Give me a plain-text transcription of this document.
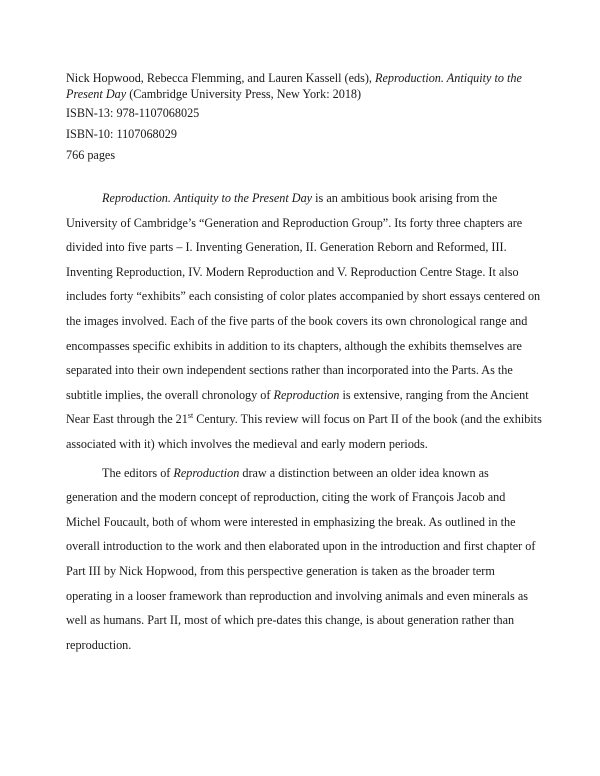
Nick Hopwood, Rebecca Flemming, and Lauren Kassell (eds), Reproduction. Antiquity to the Present Day (Cambridge University Press, New York: 2018)
ISBN-13: 978-1107068025
ISBN-10: 1107068029
766 pages

Reproduction. Antiquity to the Present Day is an ambitious book arising from the University of Cambridge’s “Generation and Reproduction Group”. Its forty three chapters are divided into five parts – I. Inventing Generation, II. Generation Reborn and Reformed, III. Inventing Reproduction, IV. Modern Reproduction and V. Reproduction Centre Stage. It also includes forty “exhibits” each consisting of color plates accompanied by short essays centered on the images involved. Each of the five parts of the book covers its own chronological range and encompasses specific exhibits in addition to its chapters, although the exhibits themselves are separated into their own independent sections rather than incorporated into the Parts. As the subtitle implies, the overall chronology of Reproduction is extensive, ranging from the Ancient Near East through the 21st Century. This review will focus on Part II of the book (and the exhibits associated with it) which involves the medieval and early modern periods.

The editors of Reproduction draw a distinction between an older idea known as generation and the modern concept of reproduction, citing the work of François Jacob and Michel Foucault, both of whom were interested in emphasizing the break. As outlined in the overall introduction to the work and then elaborated upon in the introduction and first chapter of Part III by Nick Hopwood, from this perspective generation is taken as the broader term operating in a looser framework than reproduction and involving animals and even minerals as well as humans. Part II, most of which pre-dates this change, is about generation rather than reproduction.
